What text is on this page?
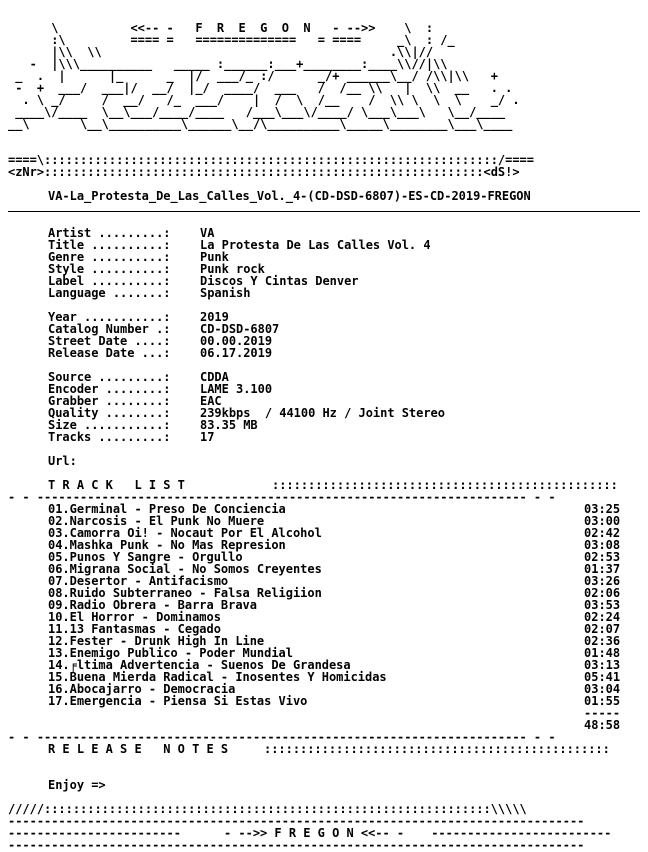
\          <<-- -   F  R  E  G  O  N   - -->>    \  :
:\         ==== =   ==============   = ====     _\  : /_
|\\  \\                                        .\\|//
-  |\\\__________   _____ :______:___+________:____\\//|\\
_  .  |      |_      _  |/  ___/_ :/      _/+ ______\__/ /\\|\\   +
-  +  ___/  ___|/  __/  |_/  ____/  ___   /  /__ \\   |  \\  __   . .
. \ _/     /  __/   /_  ___/    |  /  \  /__    /  \\ \  \  \    _/ .
____\/____  \__\___/____/____   /___\___\/____/ \___\___\   \__/____
__\       \__\__________\______\__/\__________\_____\________\___\____

====\:::::::::::::::::::::::::::::::::::::::::::::::::::::::::::::::/====
<zNr>:::::::::::::::::::::::::::::::::::::::::::::::::::::::::::::<dS!>
VA-La_Protesta_De_Las_Calles_Vol._4-(CD-DSD-6807)-ES-CD-2019-FREGON
Artist .........: VA
Title ..........: La Protesta De Las Calles Vol. 4
Genre ..........: Punk
Style ..........: Punk rock
Label ..........: Discos Y Cintas Denver
Language .......: Spanish
Year ...........: 2019
Catalog Number .: CD-DSD-6807
Street Date ....: 00.00.2019
Release Date ...: 06.17.2019
Source .........: CDDA
Encoder ........: LAME 3.100
Grabber ........: EAC
Quality ........: 239kbps  / 44100 Hz / Joint Stereo
Size ...........: 83.35 MB
Tracks .........: 17
Url:
T R A C K   L I S T	::::::::::::::::::::::::::::::::::::::::::::::::
- - -------------------------------------------------------------------- - -
01.Germinal - Preso De Conciencia	03:25
02.Narcosis - El Punk No Muere	03:00
03.Camorra Oi! - Nocaut Por El Alcohol	02:42
04.Mashka Punk - No Mas Represion	03:08
05.Punos Y Sangre - Orgullo	02:53
06.Migrana Social - No Somos Creyentes	01:37
07.Desertor - Antifacismo	03:26
08.Ruido Subterraneo - Falsa Religiion	02:06
09.Radio Obrera - Barra Brava	03:53
10.El Horror - Dominamos	02:24
11.13 Fantasmas - Cegado	02:07
12.Fester - Drunk High In Line	02:36
13.Enemigo Publico - Poder Mundial	01:48
14.╒ltima Advertencia - Suenos De Grandesa	03:13
15.Buena Mierda Radical - Inosentes Y Homicidas	05:41
16.Abocajarro - Democracia	03:04
17.Emergencia - Piensa Si Estas Vivo	01:55
-----
48:58
- - -------------------------------------------------------------------- - -
R E L E A S E   N O T E S	::::::::::::::::::::::::::::::::::::::::::::::::
Enjoy =>
/////::::::::::::::::::::::::::::::::::::::::::::::::::::::::::::::\\\\\
--------------------------------------------------------------------------------
------------------------	- -->> F R E G O N <<-- - -------------------------
--------------------------------------------------------------------------------
